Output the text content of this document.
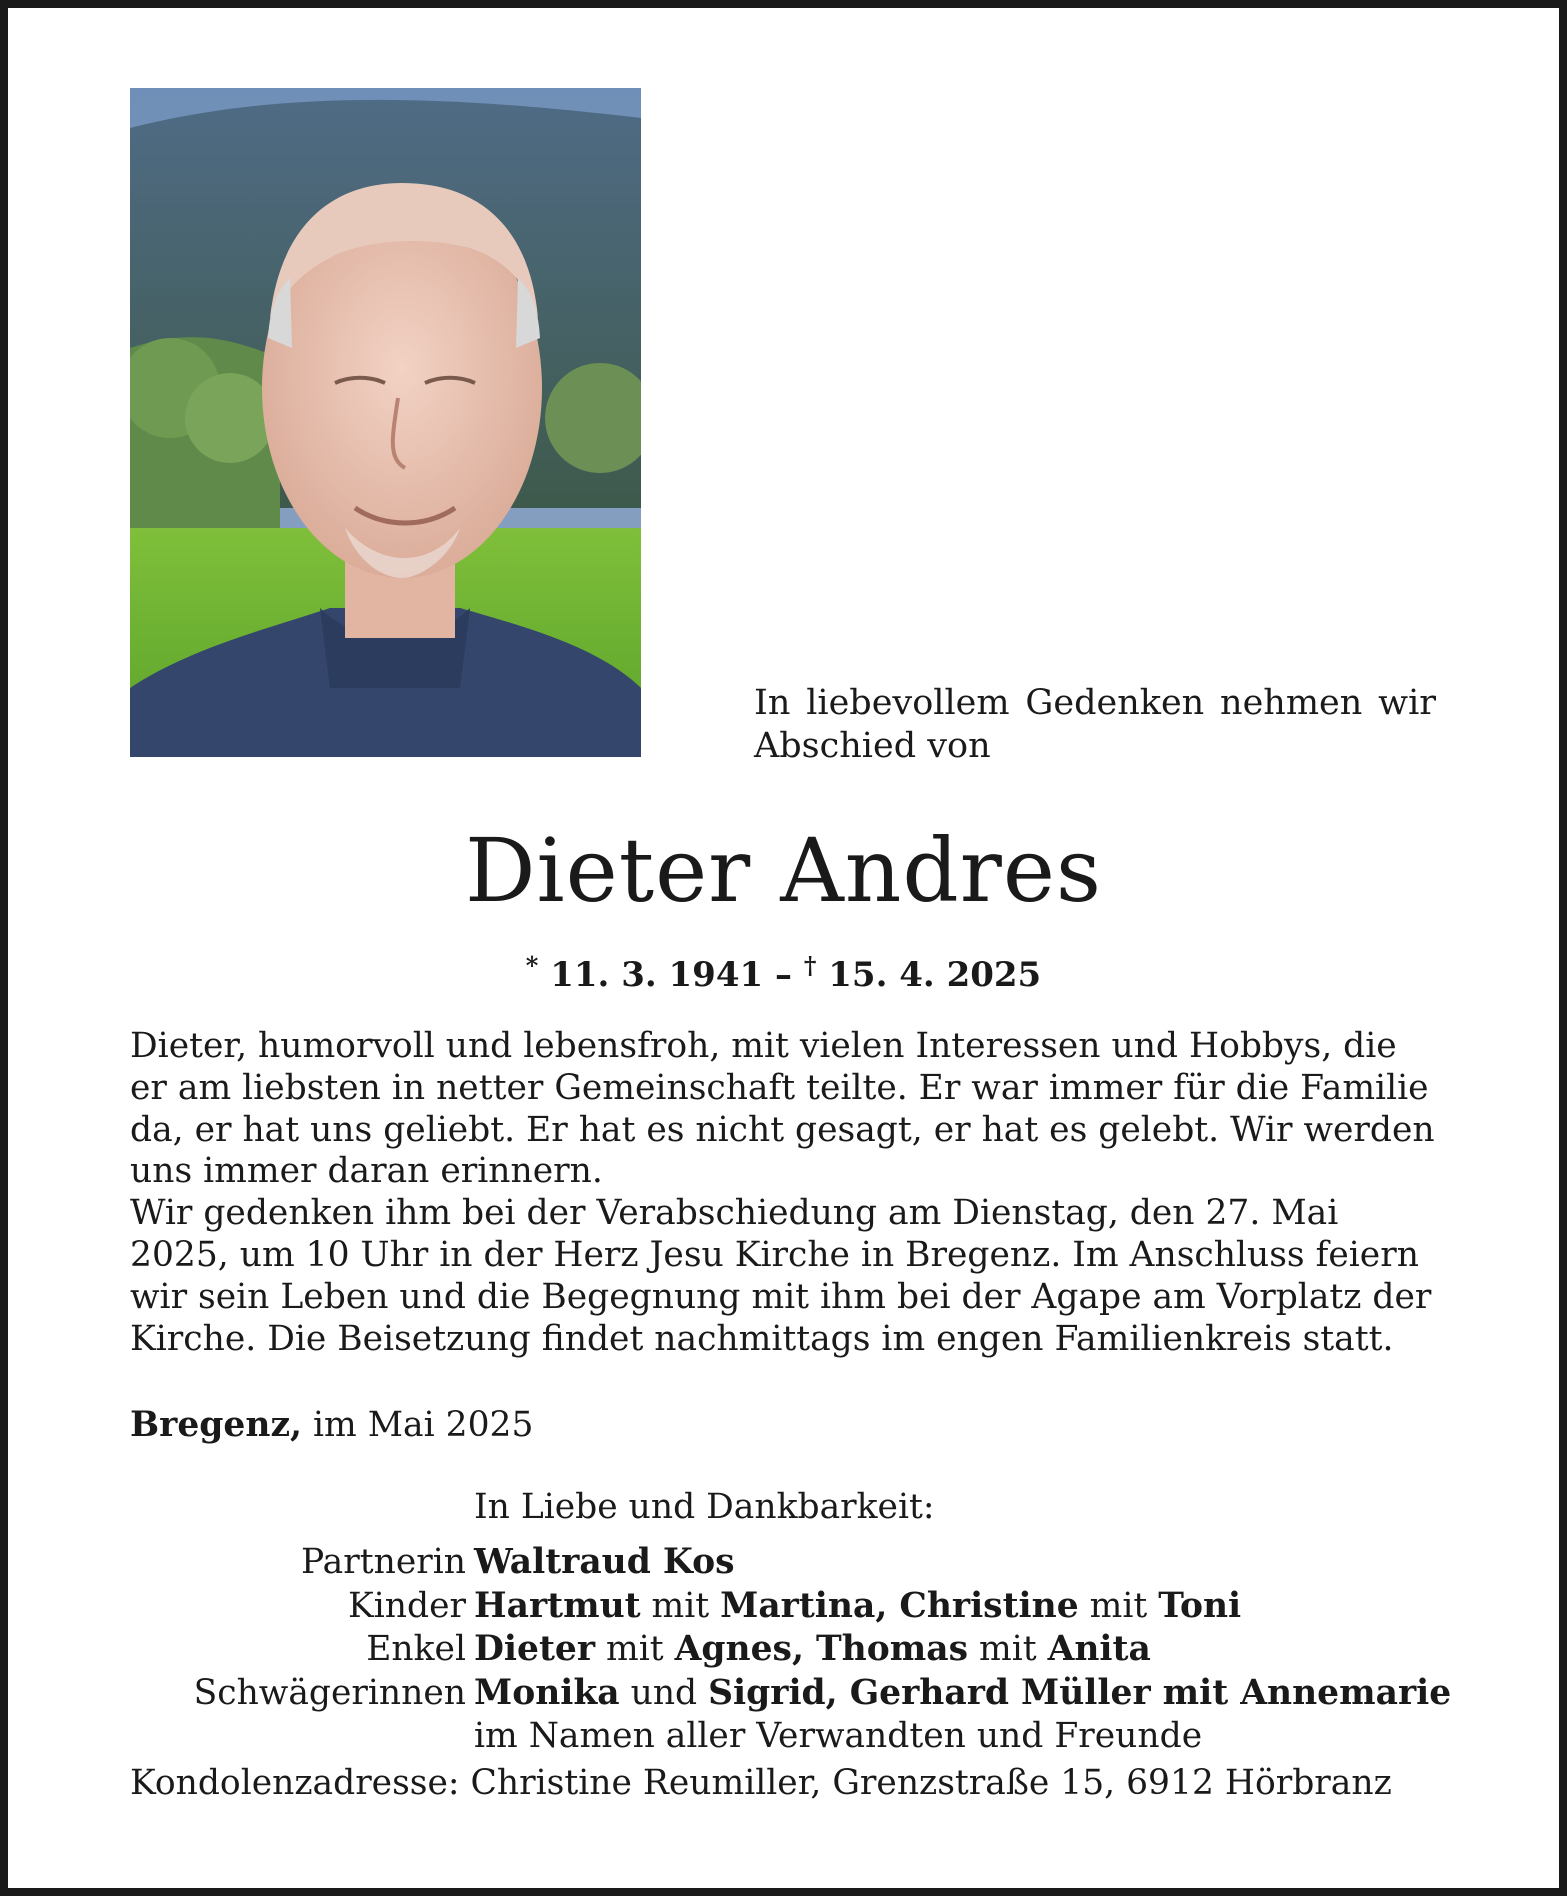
In liebevollem Gedenken nehmen wir Abschied von
Dieter Andres
* 11. 3. 1941 – † 15. 4. 2025

Dieter, humorvoll und lebensfroh, mit vielen Interessen und Hobbys, die er am liebsten in netter Gemeinschaft teilte. Er war immer für die Familie da, er hat uns geliebt. Er hat es nicht gesagt, er hat es gelebt. Wir werden uns immer daran erinnern.

Wir gedenken ihm bei der Verabschiedung am Dienstag, den 27. Mai 2025, um 10 Uhr in der Herz Jesu Kirche in Bregenz. Im Anschluss feiern wir sein Leben und die Begegnung mit ihm bei der Agape am Vorplatz der Kirche. Die Beisetzung findet nachmittags im engen Familienkreis statt.

Bregenz, im Mai 2025
In Liebe und Dankbarkeit:
Partnerin Waltraud Kos
Kinder Hartmut mit Martina, Christine mit Toni
Enkel Dieter mit Agnes, Thomas mit Anita
Schwägerinnen Monika und Sigrid, Gerhard Müller mit Annemarie
im Namen aller Verwandten und Freunde
Kondolenzadresse: Christine Reumiller, Grenzstraße 15, 6912 Hörbranz
